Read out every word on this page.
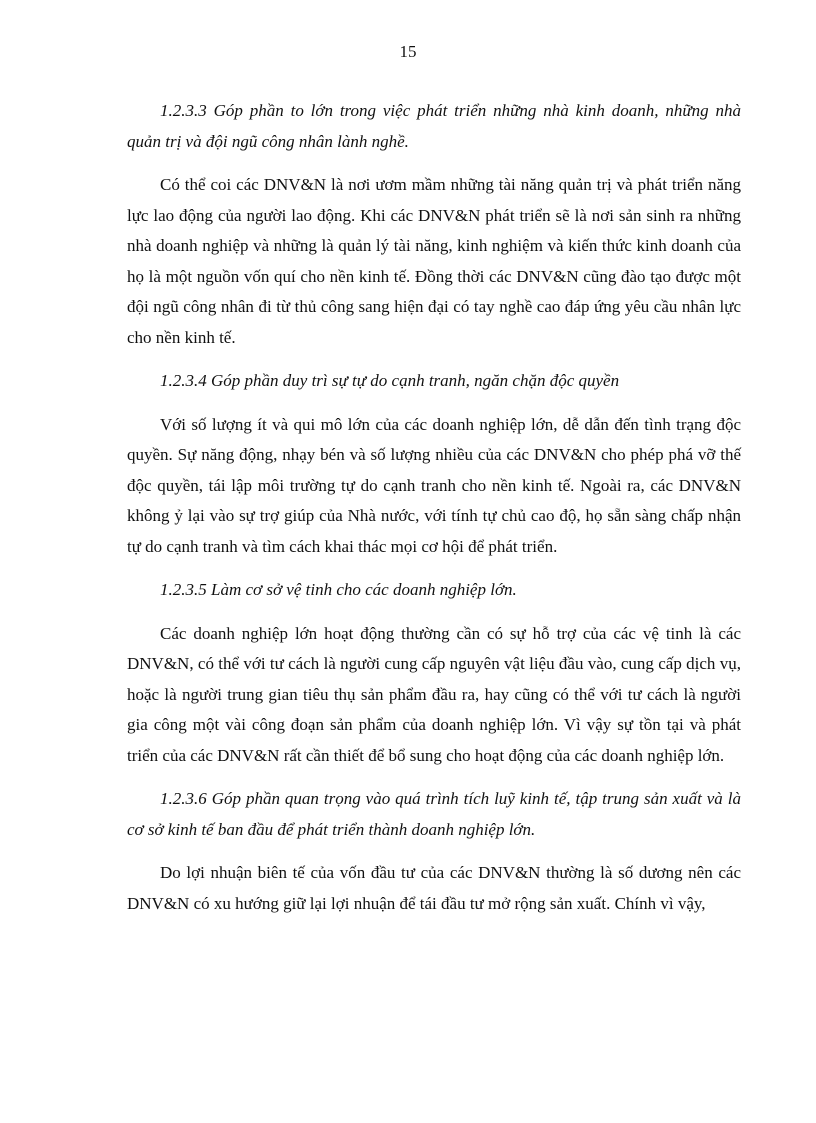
15

1.2.3.3 Góp phần to lớn trong việc phát triển những nhà kinh doanh, những nhà quản trị và đội ngũ công nhân lành nghề.

Có thể coi các DNV&N là nơi ươm mầm những tài năng quản trị và phát triển năng lực lao động của người lao động. Khi các DNV&N phát triển sẽ là nơi sản sinh ra những nhà doanh nghiệp và những là quản lý tài năng, kinh nghiệm và kiến thức kinh doanh của họ là một nguồn vốn quí cho nền kinh tế. Đồng thời các DNV&N cũng đào tạo được một đội ngũ công nhân đi từ thủ công sang hiện đại có tay nghề cao đáp ứng yêu cầu nhân lực cho nền kinh tế.

1.2.3.4 Góp phần duy trì sự tự do cạnh tranh, ngăn chặn độc quyền

Với số lượng ít và qui mô lớn của các doanh nghiệp lớn, dễ dẫn đến tình trạng độc quyền. Sự năng động, nhạy bén và số lượng nhiều của các DNV&N cho phép phá vỡ thế độc quyền, tái lập môi trường tự do cạnh tranh cho nền kinh tế. Ngoài ra, các DNV&N không ỷ lại vào sự trợ giúp của Nhà nước, với tính tự chủ cao độ, họ sẵn sàng chấp nhận tự do cạnh tranh và tìm cách khai thác mọi cơ hội để phát triển.

1.2.3.5 Làm cơ sở vệ tinh cho các doanh nghiệp lớn.

Các doanh nghiệp lớn hoạt động thường cần có sự hỗ trợ của các vệ tinh là các DNV&N, có thể với tư cách là người cung cấp nguyên vật liệu đầu vào, cung cấp dịch vụ, hoặc là người trung gian tiêu thụ sản phẩm đầu ra, hay cũng có thể với tư cách là người gia công một vài công đoạn sản phẩm của doanh nghiệp lớn. Vì vậy sự tồn tại và phát triển của các DNV&N rất cần thiết để bổ sung cho hoạt động của các doanh nghiệp lớn.

1.2.3.6 Góp phần quan trọng vào quá trình tích luỹ kinh tế, tập trung sản xuất và là cơ sở kinh tế ban đầu để phát triển thành doanh nghiệp lớn.

Do lợi nhuận biên tế của vốn đầu tư của các DNV&N thường là số dương nên các DNV&N có xu hướng giữ lại lợi nhuận để tái đầu tư mở rộng sản xuất. Chính vì vậy,
